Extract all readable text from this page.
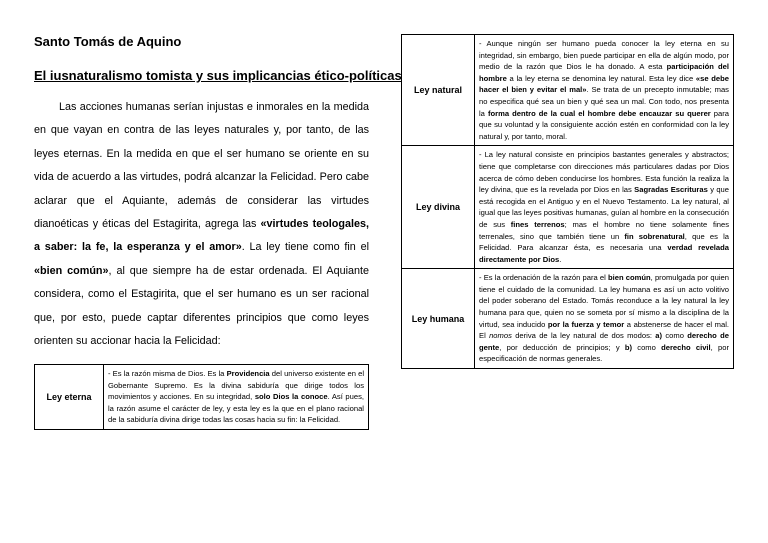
Santo Tomás de Aquino

El iusnaturalismo tomista y sus implicancias ético-políticas

Las acciones humanas serían injustas e inmorales en la medida en que vayan en contra de las leyes naturales y, por tanto, de las leyes eternas. En la medida en que el ser humano se oriente en su vida de acuerdo a las virtudes, podrá alcanzar la Felicidad. Pero cabe aclarar que el Aquiante, además de considerar las virtudes dianoéticas y éticas del Estagirita, agrega las «virtudes teologales, a saber: la fe, la esperanza y el amor». La ley tiene como fin el «bien común», al que siempre ha de estar ordenada. El Aquiante considera, como el Estagirita, que el ser humano es un ser racional que, por esto, puede captar diferentes principios que como leyes orienten su accionar hacia la Felicidad:

Ley eterna	- Es la razón misma de Dios. Es la Providencia del universo existente en el Gobernante Supremo. Es la divina sabiduría que dirige todos los movimientos y acciones. En su integridad, solo Dios la conoce. Así pues, la razón asume el carácter de ley, y esta ley es la que en el plano racional de la sabiduría divina dirige todas las cosas hacia su fin: la Felicidad.
Ley natural	- Aunque ningún ser humano pueda conocer la ley eterna en su integridad, sin embargo, bien puede participar en ella de algún modo, por medio de la razón que Dios le ha donado. A esta participación del hombre a la ley eterna se denomina ley natural. Esta ley dice «se debe hacer el bien y evitar el mal». Se trata de un precepto inmutable; mas no especifica qué sea un bien y qué sea un mal. Con todo, nos presenta la forma dentro de la cual el hombre debe encauzar su querer para que su voluntad y la consiguiente acción estén en conformidad con la ley natural y, por tanto, moral.
Ley divina	- La ley natural consiste en principios bastantes generales y abstractos; tiene que completarse con direcciones más particulares dadas por Dios acerca de cómo deben conducirse los hombres. Esta función la realiza la ley divina, que es la revelada por Dios en las Sagradas Escrituras y que está recogida en el Antiguo y en el Nuevo Testamento. La ley natural, al igual que las leyes positivas humanas, guían al hombre en la consecución de sus fines terrenos; mas el hombre no tiene solamente fines terrenales, sino que también tiene un fin sobrenatural, que es la Felicidad. Para alcanzar ésta, es necesaria una verdad revelada directamente por Dios.
Ley humana	- Es la ordenación de la razón para el bien común, promulgada por quien tiene el cuidado de la comunidad. La ley humana es así un acto volitivo del poder soberano del Estado. Tomás reconduce a la ley natural la ley humana para que, quien no se someta por sí mismo a la disciplina de la virtud, sea inducido por la fuerza y temor a abstenerse de hacer el mal. El nomos deriva de la ley natural de dos modos: a) como derecho de gente, por deducción de principios; y b) como derecho civil, por especificación de normas generales.
